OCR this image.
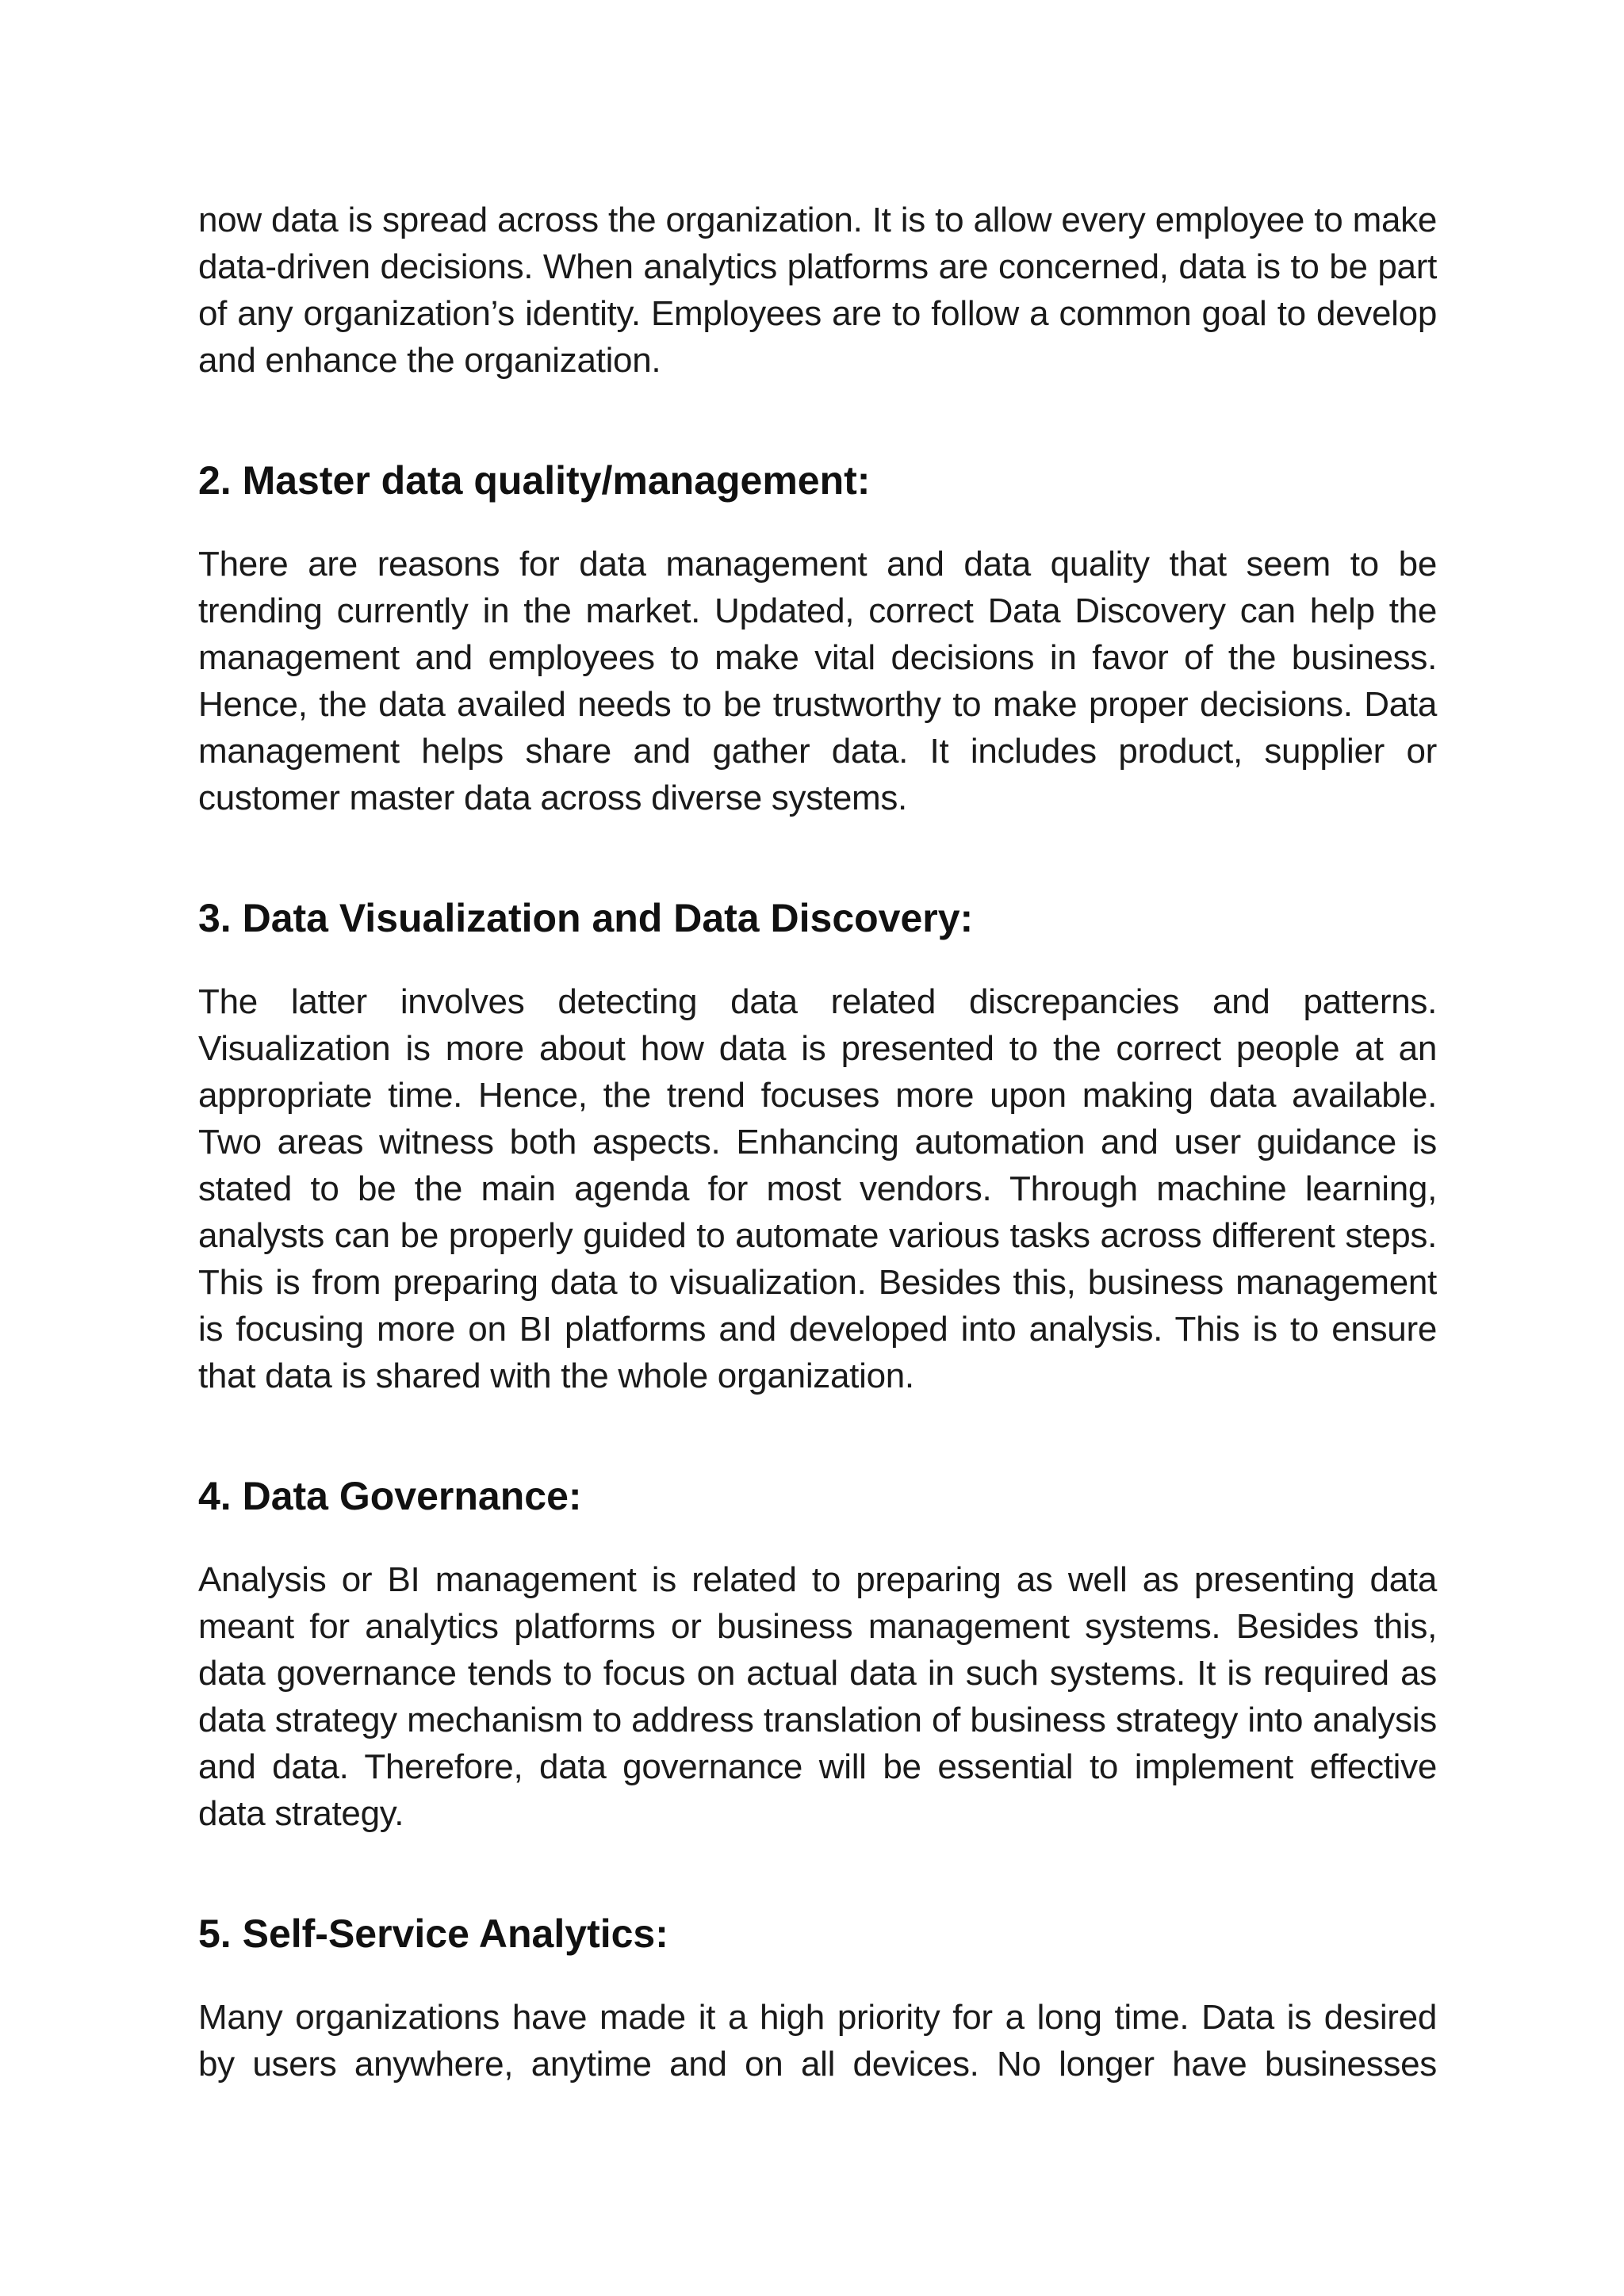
now data is spread across the organization. It is to allow every employee to make data-driven decisions. When analytics platforms are concerned, data is to be part of any organization’s identity. Employees are to follow a common goal to develop and enhance the organization.

2. Master data quality/management:

There are reasons for data management and data quality that seem to be trending currently in the market. Updated, correct Data Discovery can help the management and employees to make vital decisions in favor of the business. Hence, the data availed needs to be trustworthy to make proper decisions. Data management helps share and gather data. It includes product, supplier or customer master data across diverse systems.

3. Data Visualization and Data Discovery:

The latter involves detecting data related discrepancies and patterns. Visualization is more about how data is presented to the correct people at an appropriate time. Hence, the trend focuses more upon making data available. Two areas witness both aspects. Enhancing automation and user guidance is stated to be the main agenda for most vendors. Through machine learning, analysts can be properly guided to automate various tasks across different steps. This is from preparing data to visualization. Besides this, business management is focusing more on BI platforms and developed into analysis. This is to ensure that data is shared with the whole organization.

4. Data Governance:

Analysis or BI management is related to preparing as well as presenting data meant for analytics platforms or business management systems. Besides this, data governance tends to focus on actual data in such systems. It is required as data strategy mechanism to address translation of business strategy into analysis and data. Therefore, data governance will be essential to implement effective data strategy.

5. Self-Service Analytics:

Many organizations have made it a high priority for a long time. Data is desired by users anywhere, anytime and on all devices. No longer have businesses
